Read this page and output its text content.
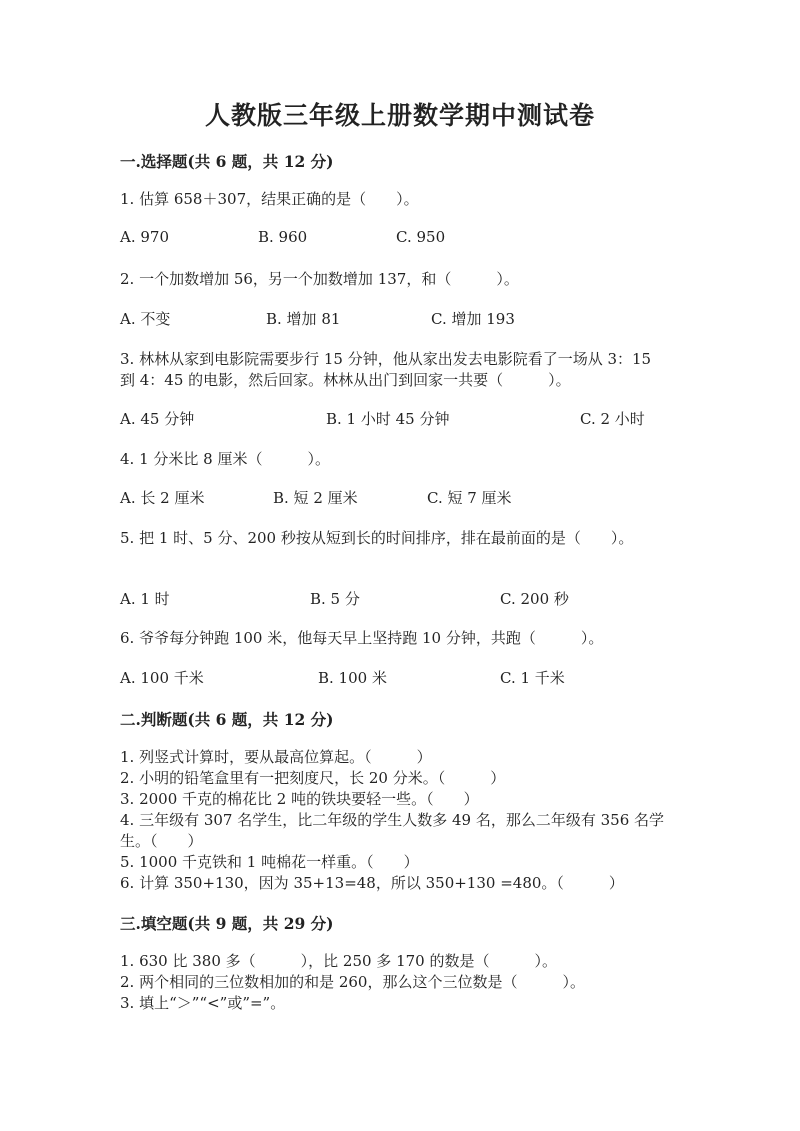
人教版三年级上册数学期中测试卷
一.选择题(共 6 题，共 12 分)
1. 估算 658＋307，结果正确的是（　　）。
A. 970	B. 960	C. 950
2. 一个加数增加 56，另一个加数增加 137，和（　　　）。
A. 不变	B. 增加 81	C. 增加 193
3. 林林从家到电影院需要步行 15 分钟，他从家出发去电影院看了一场从 3：15
到 4：45 的电影，然后回家。林林从出门到回家一共要（　　　）。
A. 45 分钟	B. 1 小时 45 分钟	C. 2 小时
4. 1 分米比 8 厘米（　　　）。
A. 长 2 厘米	B. 短 2 厘米	C. 短 7 厘米
5. 把 1 时、5 分、200 秒按从短到长的时间排序，排在最前面的是（　　）。
A. 1 时	B. 5 分	C. 200 秒
6. 爷爷每分钟跑 100 米，他每天早上坚持跑 10 分钟，共跑（　　　）。
A. 100 千米	B. 100 米	C. 1 千米
二.判断题(共 6 题，共 12 分)
1. 列竖式计算时，要从最高位算起。（　　　）
2. 小明的铅笔盒里有一把刻度尺，长 20 分米。（　　　）
3. 2000 千克的棉花比 2 吨的铁块要轻一些。（　　）
4. 三年级有 307 名学生，比二年级的学生人数多 49 名，那么二年级有 356 名学
生。（　　）
5. 1000 千克铁和 1 吨棉花一样重。（　　）
6. 计算 350+130，因为 35+13=48，所以 350+130 =480。（　　　）
三.填空题(共 9 题，共 29 分)
1. 630 比 380 多（　　　），比 250 多 170 的数是（　　　）。
2. 两个相同的三位数相加的和是 260，那么这个三位数是（　　　）。
3. 填上“＞”“<”或”=”。
